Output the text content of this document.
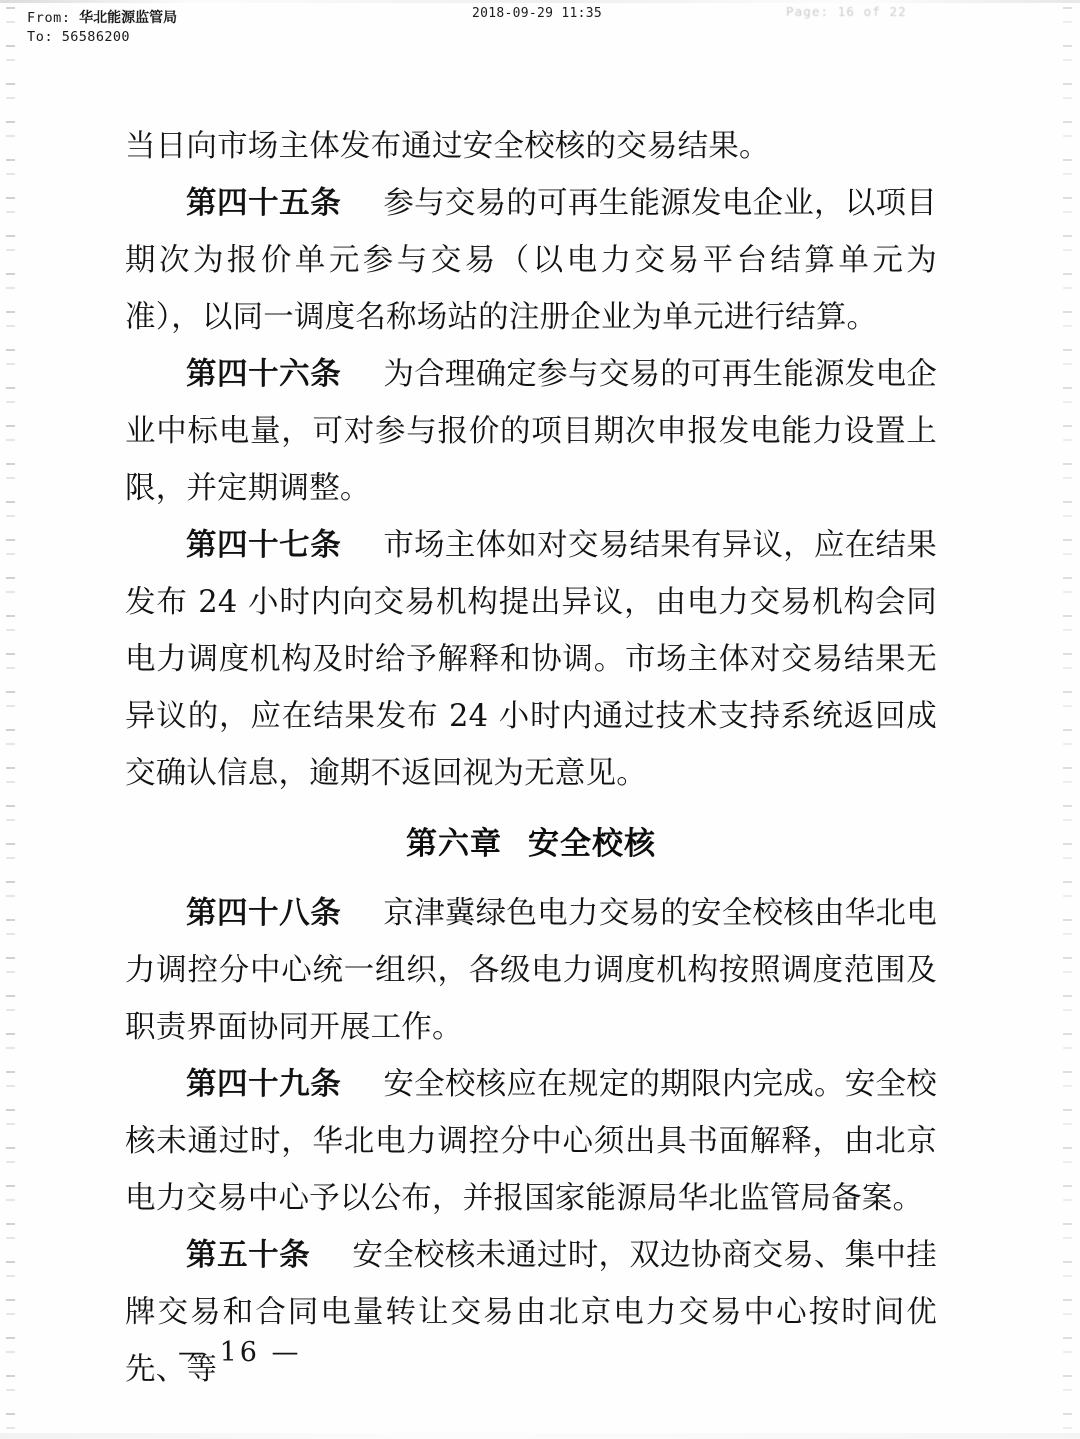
From: 华北能源监管局
To: 56586200
2018-09-29 11:35	Page: 16 of 22

当日向市场主体发布通过安全校核的交易结果。

第四十五条 参与交易的可再生能源发电企业，以项目期次为报价单元参与交易（以电力交易平台结算单元为准），以同一调度名称场站的注册企业为单元进行结算。

第四十六条 为合理确定参与交易的可再生能源发电企业中标电量，可对参与报价的项目期次申报发电能力设置上限，并定期调整。

第四十七条 市场主体如对交易结果有异议，应在结果发布 24 小时内向交易机构提出异议，由电力交易机构会同电力调度机构及时给予解释和协调。市场主体对交易结果无异议的，应在结果发布 24 小时内通过技术支持系统返回成交确认信息，逾期不返回视为无意见。

第六章 安全校核

第四十八条 京津冀绿色电力交易的安全校核由华北电力调控分中心统一组织，各级电力调度机构按照调度范围及职责界面协同开展工作。

第四十九条 安全校核应在规定的期限内完成。安全校核未通过时，华北电力调控分中心须出具书面解释，由北京电力交易中心予以公布，并报国家能源局华北监管局备案。

第五十条 安全校核未通过时，双边协商交易、集中挂牌交易和合同电量转让交易由北京电力交易中心按时间优先、等

— 16 —
